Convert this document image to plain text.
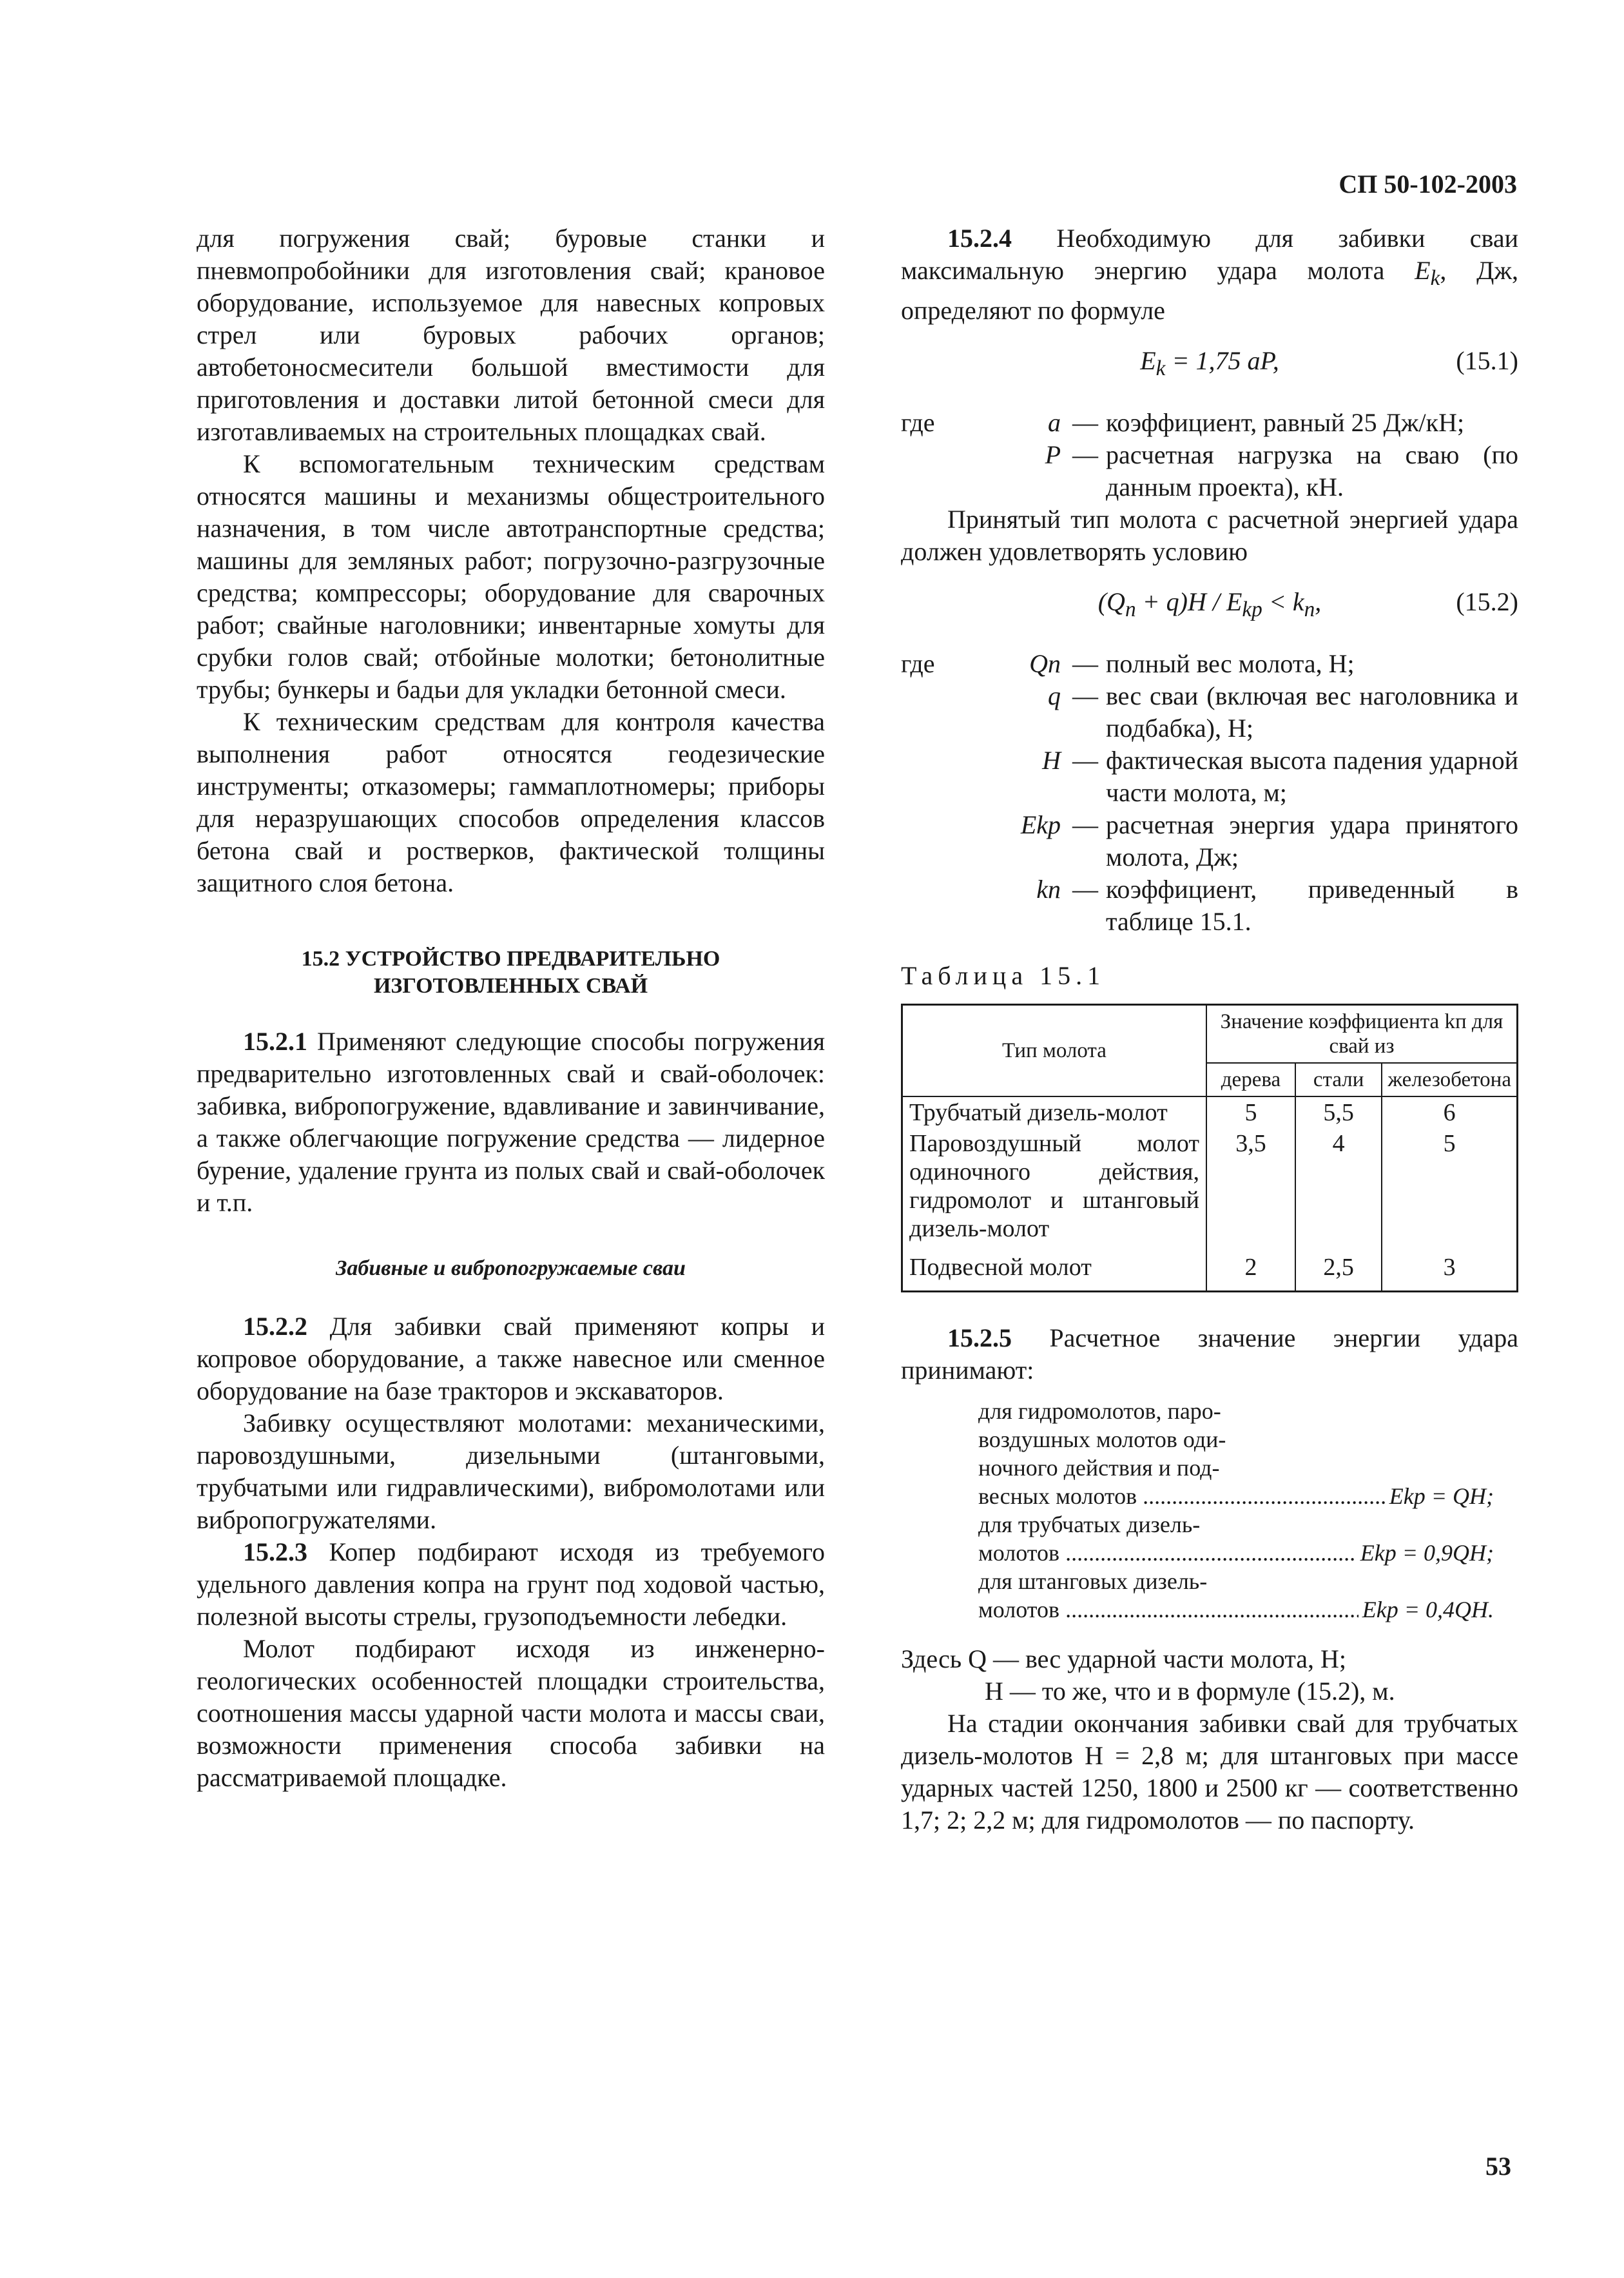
СП 50-102-2003

для погружения свай; буровые станки и пневмопробойники для изготовления свай; крановое оборудование, используемое для навесных копровых стрел или буровых рабочих органов; автобетоносмесители большой вместимости для приготовления и доставки литой бетонной смеси для изготавливаемых на строительных площадках свай.

К вспомогательным техническим средствам относятся машины и механизмы общестроительного назначения, в том числе автотранспортные средства; машины для земляных работ; погрузочно-разгрузочные средства; компрессоры; оборудование для сварочных работ; свайные наголовники; инвентарные хомуты для срубки голов свай; отбойные молотки; бетонолитные трубы; бункеры и бадьи для укладки бетонной смеси.

К техническим средствам для контроля качества выполнения работ относятся геодезические инструменты; отказомеры; гаммаплотномеры; приборы для неразрушающих способов определения классов бетона свай и ростверков, фактической толщины защитного слоя бетона.

15.2 УСТРОЙСТВО ПРЕДВАРИТЕЛЬНО
ИЗГОТОВЛЕННЫХ СВАЙ

15.2.1 Применяют следующие способы погружения предварительно изготовленных свай и свай-оболочек: забивка, вибропогружение, вдавливание и завинчивание, а также облегчающие погружение средства — лидерное бурение, удаление грунта из полых свай и свай-оболочек и т.п.

Забивные и вибропогружаемые сваи

15.2.2 Для забивки свай применяют копры и копровое оборудование, а также навесное или сменное оборудование на базе тракторов и экскаваторов.

Забивку осуществляют молотами: механическими, паровоздушными, дизельными (штанговыми, трубчатыми или гидравлическими), вибромолотами или вибропогружателями.

15.2.3 Копер подбирают исходя из требуемого удельного давления копра на грунт под ходовой частью, полезной высоты стрелы, грузоподъемности лебедки.

Молот подбирают исходя из инженерно-геологических особенностей площадки строительства, соотношения массы ударной части молота и массы сваи, возможности применения способа забивки на рассматриваемой площадке.

15.2.4 Необходимую для забивки сваи максимальную энергию удара молота $E_k$, Дж, определяют по формуле

$E_k = 1,75$ aP,	(15.1)
где	a — коэффициент, равный 25 Дж/кН;
P — расчетная нагрузка на сваю (по данным проекта), кН.

Принятый тип молота с расчетной энергией удара должен удовлетворять условию

$(Q_п + q)H / E_{kp} < k_п$,	(15.2)
где	Qп — полный вес молота, Н;
q — вес сваи (включая вес наголовника и подбабка), Н;
H — фактическая высота падения ударной части молота, м;
Ekp — расчетная энергия удара принятого молота, Дж;
kп — коэффициент, приведенный в таблице 15.1.
Таблица 15.1
Тип молота	Значение коэффициента kп для свай из		
	дерева	стали	железобетона
Трубчатый дизель-молот	5	5,5	6
Паровоздушный молот одиночного действия, гидромолот и штанговый дизель-молот	3,5	4	5
Подвесной молот	2	2,5	3

15.2.5 Расчетное значение энергии удара принимают:

для гидромолотов, паро-
воздушных молотов оди-
ночного действия и под-
весных молотов .....	Ekp = QH;
для трубчатых дизель-
молотов .....	Ekp = 0,9QH;
для штанговых дизель-
молотов .....	Ekp = 0,4QH.

Здесь Q — вес ударной части молота, Н;

H — то же, что и в формуле (15.2), м.

На стадии окончания забивки свай для трубчатых дизель-молотов H = 2,8 м; для штанговых при массе ударных частей 1250, 1800 и 2500 кг — соответственно 1,7; 2; 2,2 м; для гидромолотов — по паспорту.

53
